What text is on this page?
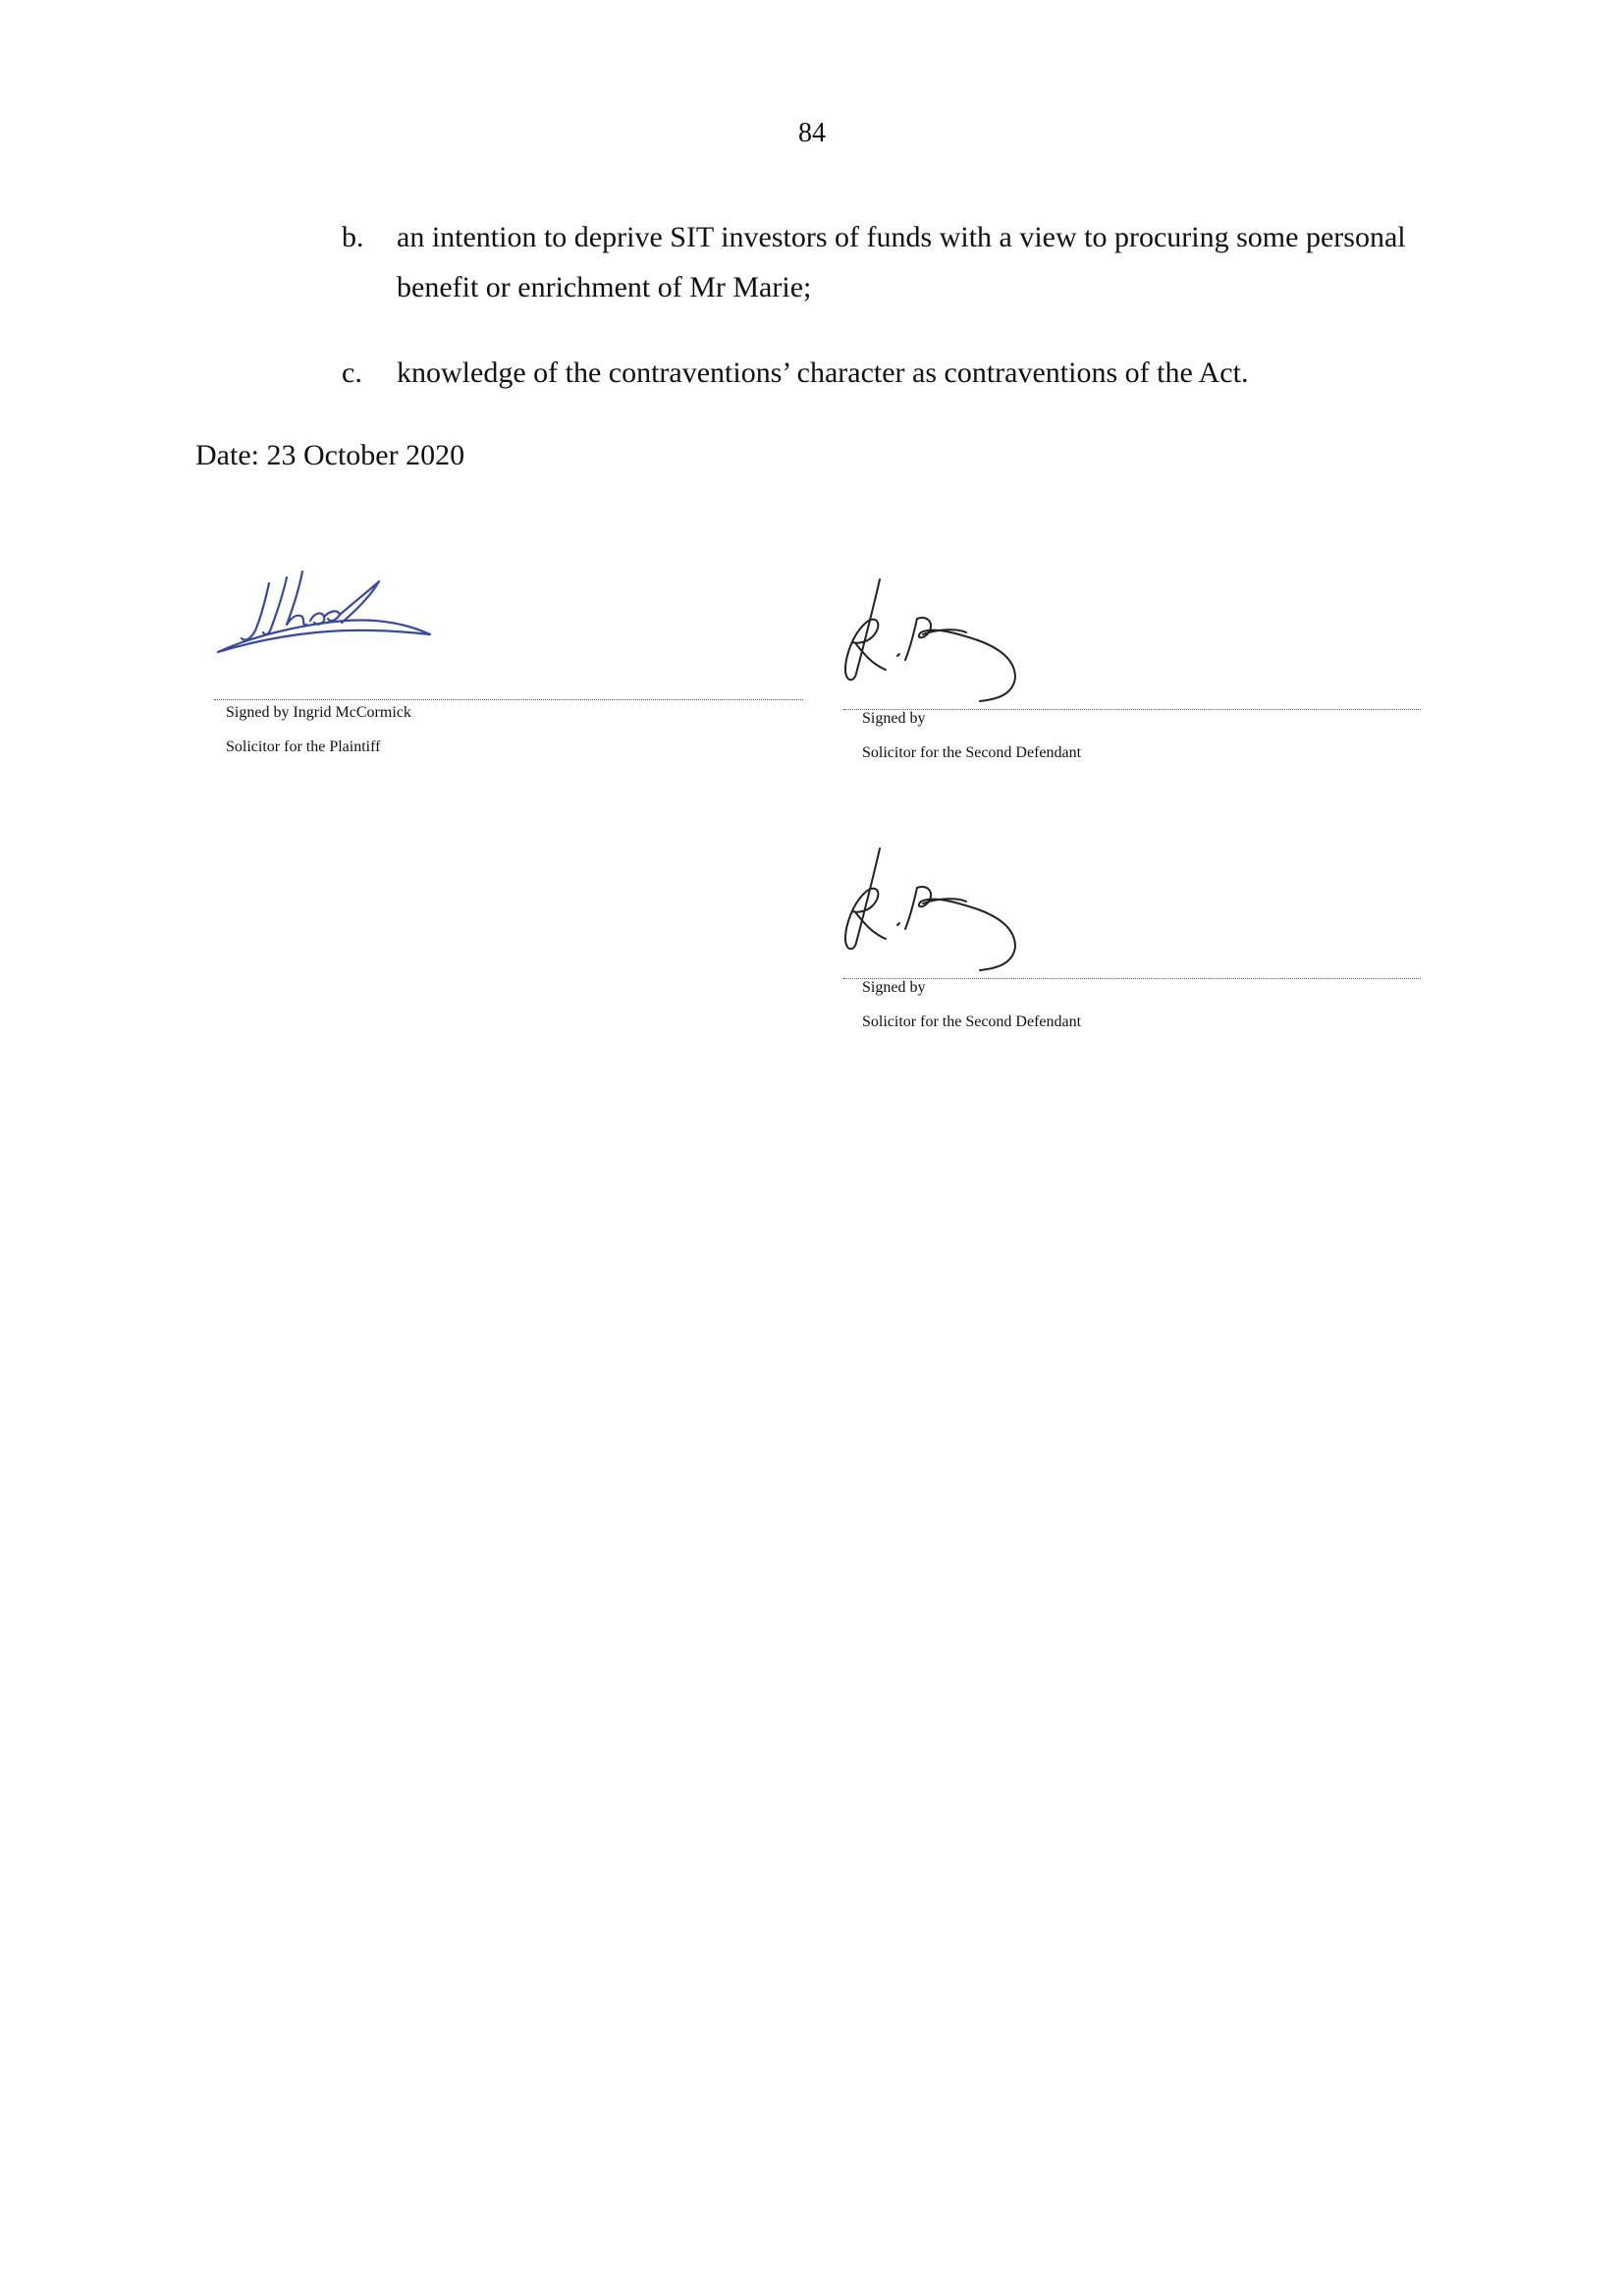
84
b. an intention to deprive SIT investors of funds with a view to procuring some personal benefit or enrichment of Mr Marie;
c. knowledge of the contraventions’ character as contraventions of the Act.
Date: 23 October 2020
Signed by Ingrid McCormick
Solicitor for the Plaintiff
Signed by
Solicitor for the Second Defendant
Signed by
Solicitor for the Second Defendant
